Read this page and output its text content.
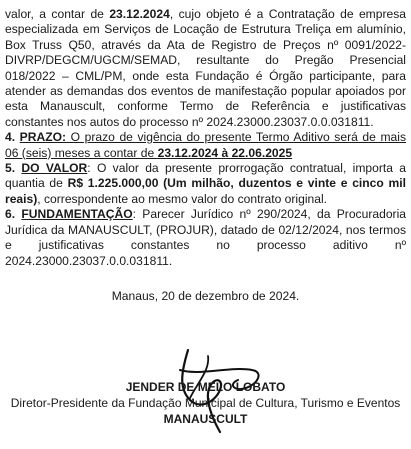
valor, a contar de 23.12.2024, cujo objeto é a Contratação de empresa especializada em Serviços de Locação de Estrutura Treliça em alumínio, Box Truss Q50, através da Ata de Registro de Preços nº 0091/2022-DIVRP/DEGCM/UGCM/SEMAD, resultante do Pregão Presencial 018/2022 – CML/PM, onde esta Fundação é Órgão participante, para atender as demandas dos eventos de manifestação popular apoiados por esta Manauscult, conforme Termo de Referência e justificativas constantes nos autos do processo nº 2024.23000.23037.0.0.031811.

4. PRAZO: O prazo de vigência do presente Termo Aditivo será de mais 06 (seis) meses a contar de 23.12.2024 à 22.06.2025

5. DO VALOR: O valor da presente prorrogação contratual, importa a quantia de R$ 1.225.000,00 (Um milhão, duzentos e vinte e cinco mil reais), correspondente ao mesmo valor do contrato original.

6. FUNDAMENTAÇÃO: Parecer Jurídico nº 290/2024, da Procuradoria Jurídica da MANAUSCULT, (PROJUR), datado de 02/12/2024, nos termos e justificativas constantes no processo aditivo nº 2024.23000.23037.0.0.031811.

Manaus, 20 de dezembro de 2024.

JENDER DE MELO LOBATO

Diretor-Presidente da Fundação Municipal de Cultura, Turismo e Eventos

MANAUSCULT
